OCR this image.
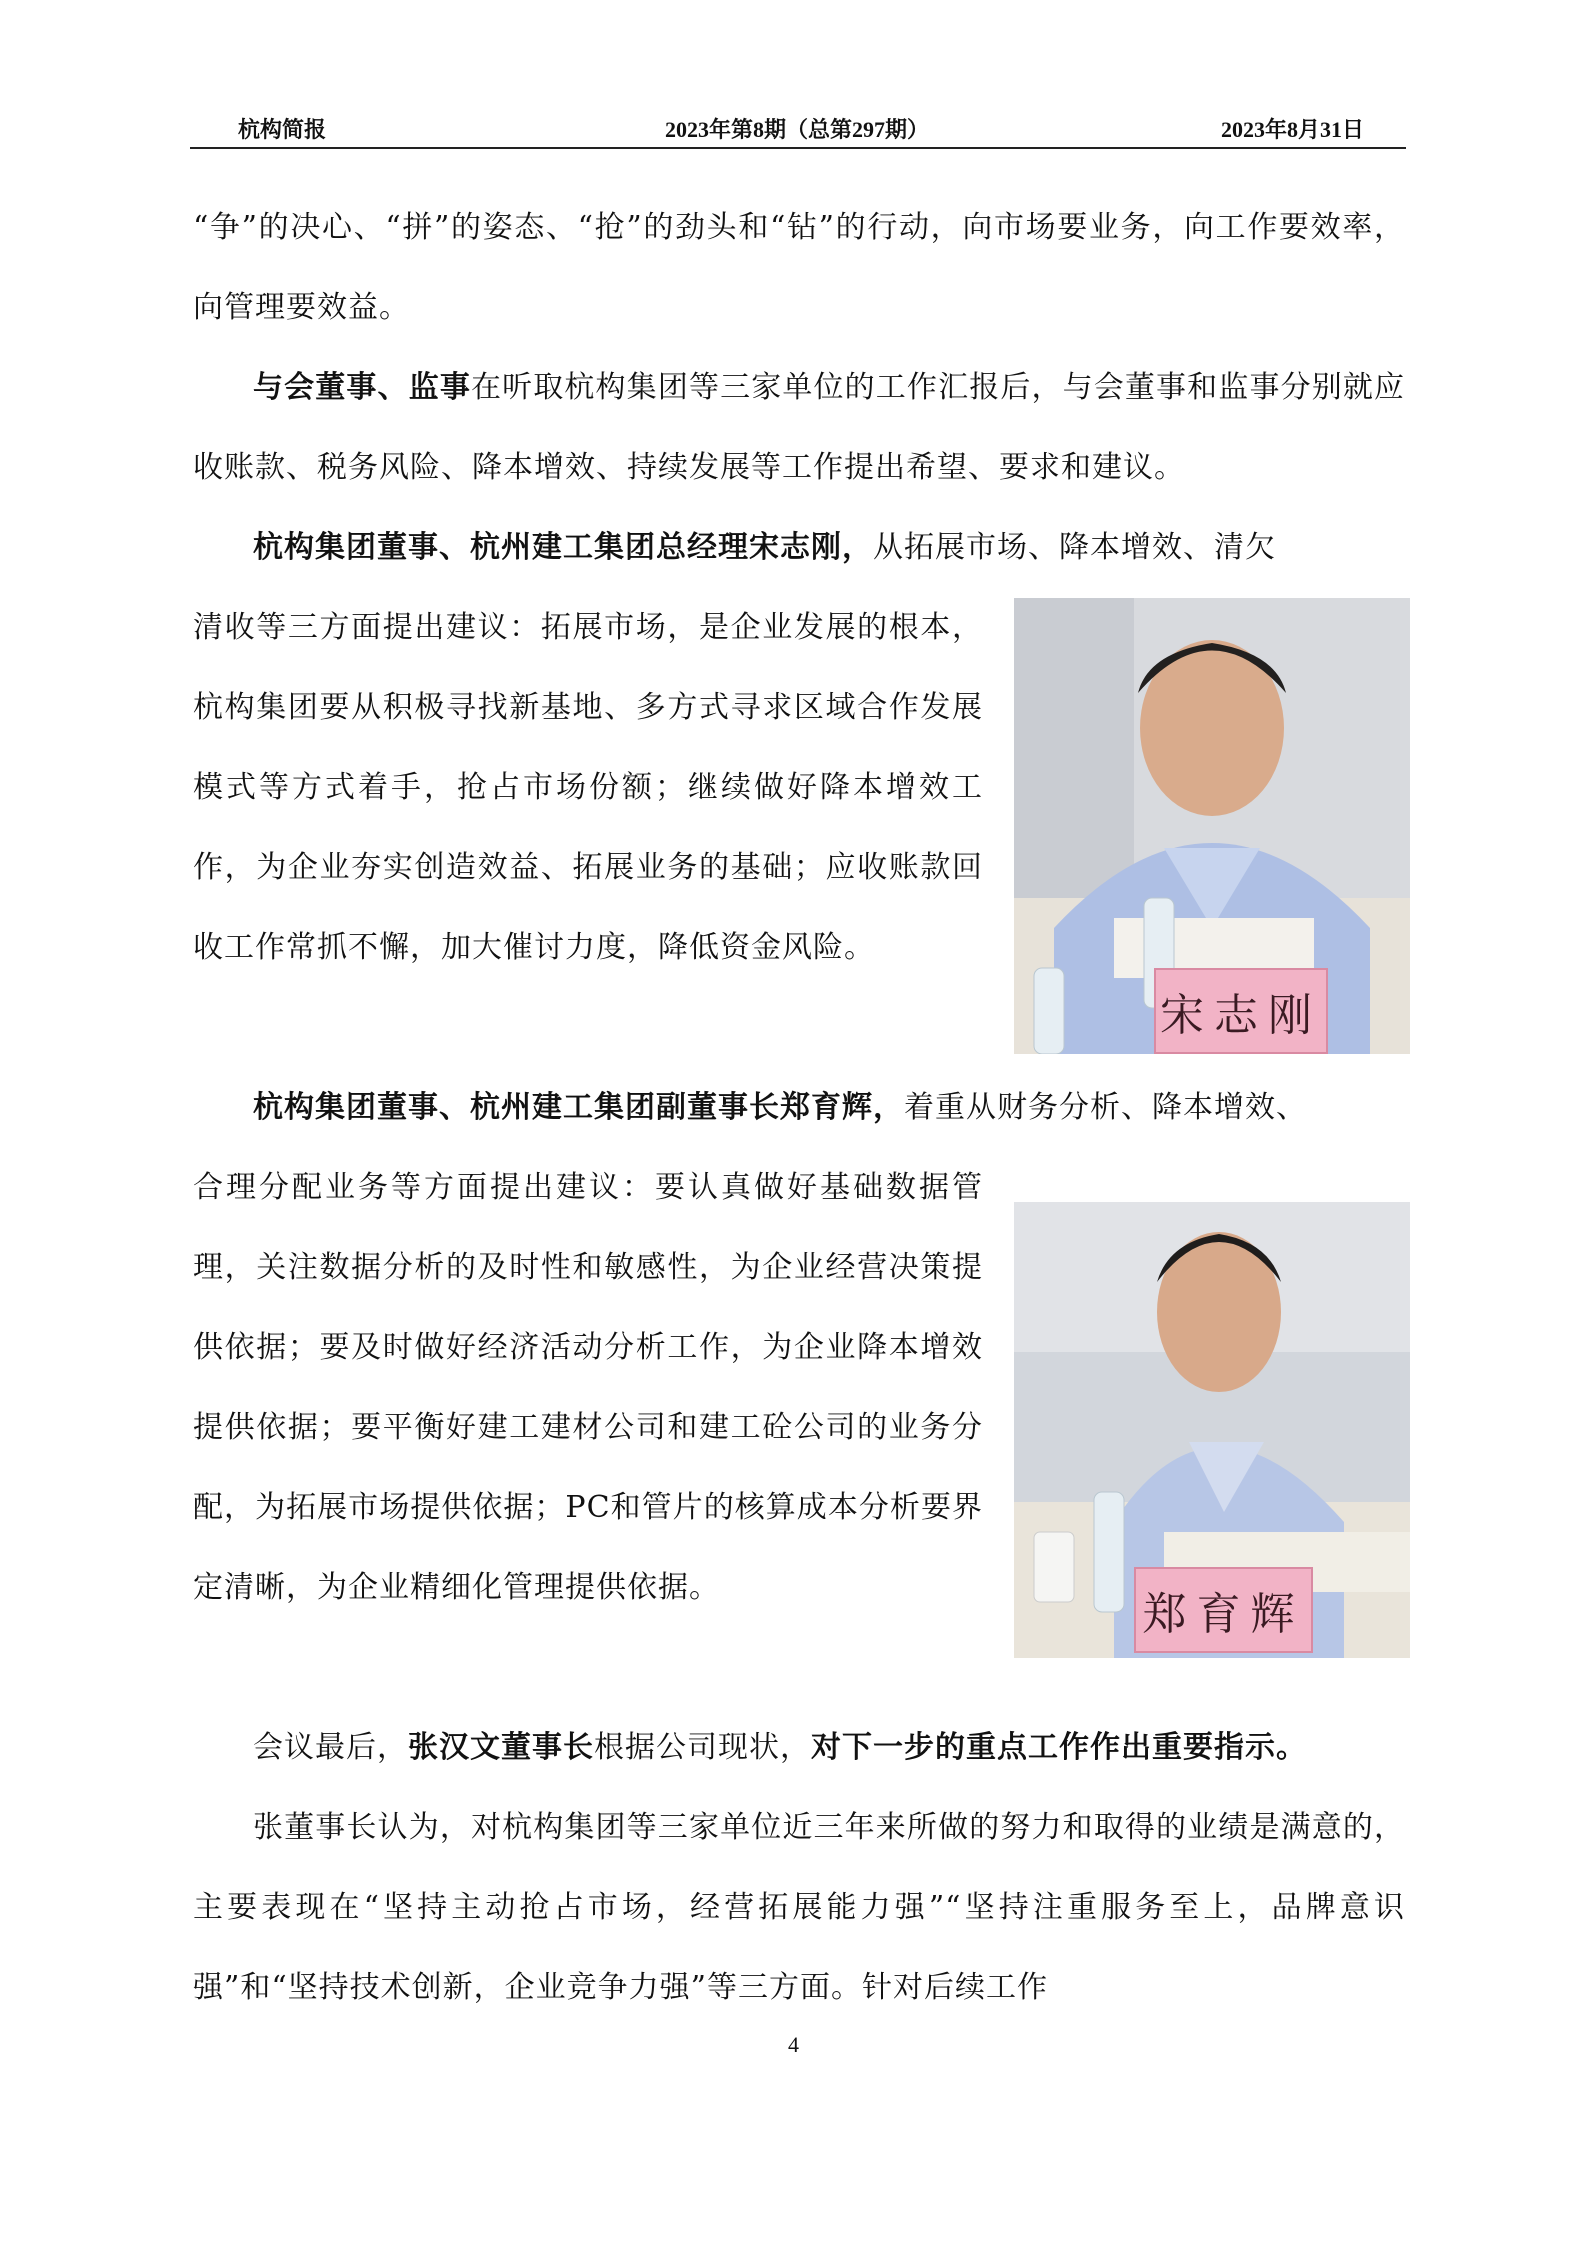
杭构简报	2023年第8期（总第297期）	2023年8月31日

“争”的决心、“拼”的姿态、“抢”的劲头和“钻”的行动，向市场要业务，向工作要效率，向管理要效益。

与会董事、监事在听取杭构集团等三家单位的工作汇报后，与会董事和监事分别就应收账款、税务风险、降本增效、持续发展等工作提出希望、要求和建议。

杭构集团董事、杭州建工集团总经理宋志刚，从拓展市场、降本增效、清欠

清收等三方面提出建议：拓展市场，是企业发展的根本，杭构集团要从积极寻找新基地、多方式寻求区域合作发展模式等方式着手，抢占市场份额；继续做好降本增效工作，为企业夯实创造效益、拓展业务的基础；应收账款回收工作常抓不懈，加大催讨力度，降低资金风险。

宋志刚

杭构集团董事、杭州建工集团副董事长郑育辉，着重从财务分析、降本增效、

合理分配业务等方面提出建议：要认真做好基础数据管理，关注数据分析的及时性和敏感性，为企业经营决策提供依据；要及时做好经济活动分析工作，为企业降本增效提供依据；要平衡好建工建材公司和建工砼公司的业务分配，为拓展市场提供依据；PC和管片的核算成本分析要界定清晰，为企业精细化管理提供依据。

郑育辉

会议最后，张汉文董事长根据公司现状，对下一步的重点工作作出重要指示。

张董事长认为，对杭构集团等三家单位近三年来所做的努力和取得的业绩是满意的，主要表现在“坚持主动抢占市场，经营拓展能力强”“坚持注重服务至上，品牌意识强”和“坚持技术创新，企业竞争力强”等三方面。针对后续工作

4
